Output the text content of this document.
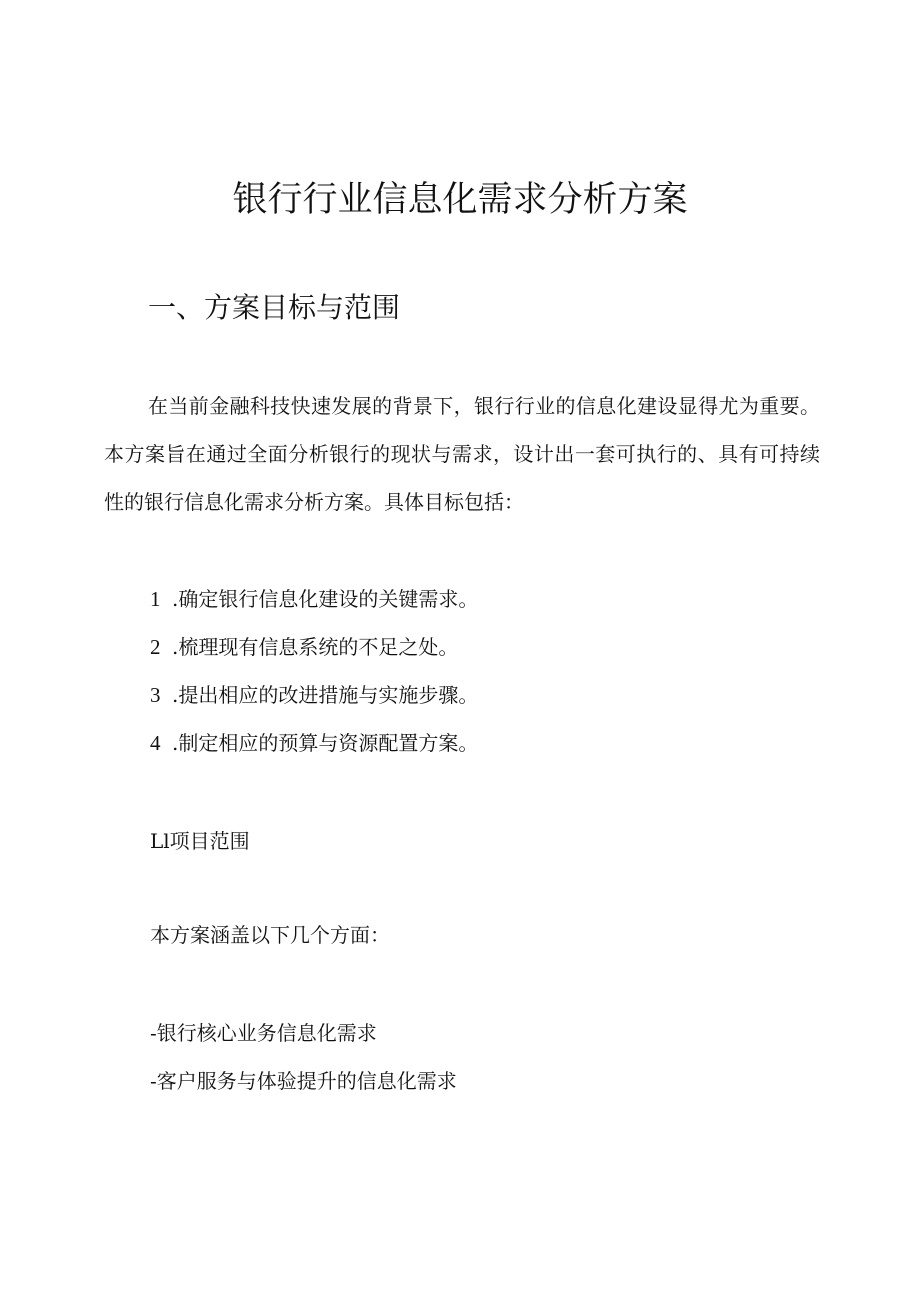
银行行业信息化需求分析方案
一、方案目标与范围

在当前金融科技快速发展的背景下，银行行业的信息化建设显得尤为重要。本方案旨在通过全面分析银行的现状与需求，设计出一套可执行的、具有可持续性的银行信息化需求分析方案。具体目标包括：

1 .确定银行信息化建设的关键需求。

2 .梳理现有信息系统的不足之处。

3 .提出相应的改进措施与实施步骤。

4 .制定相应的预算与资源配置方案。

Ll项目范围

本方案涵盖以下几个方面：

-银行核心业务信息化需求

-客户服务与体验提升的信息化需求
